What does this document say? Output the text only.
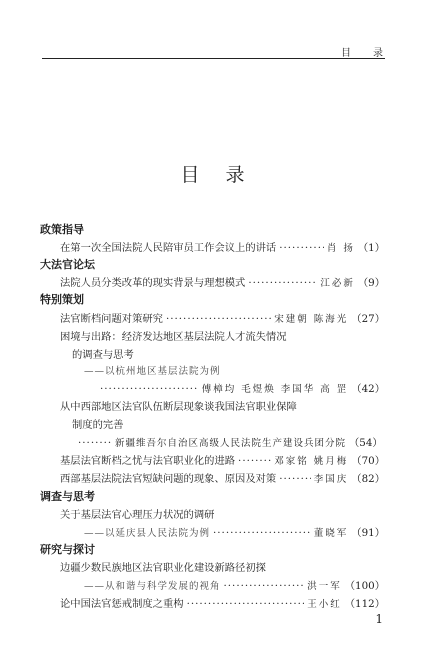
目录
目录
政策指导
在第一次全国法院人民陪审员工作会议上的讲话 ·····	肖 扬 （1）
大法官论坛
法院人员分类改革的现实背景与理想模式 ·····	江必新 （9）
特别策划
法官断档问题对策研究 ·····	宋建朝 陈海光 （27）
困境与出路：经济发达地区基层法院人才流失情况
的调查与思考
——以杭州地区基层法院为例
·····
傅樟均 毛煜焕 李国华 高 罡 （42）
从中西部地区法官队伍断层现象谈我国法官职业保障
制度的完善
·····
新疆维吾尔自治区高级人民法院生产建设兵团分院 （54）
基层法官断档之忧与法官职业化的进路 ·····	邓家铭 姚月梅 （70）
西部基层法院法官短缺问题的现象、原因及对策 ·····	李国庆 （82）
调查与思考
关于基层法官心理压力状况的调研
——以延庆县人民法院为例 ·····	董晓军 （91）
研究与探讨
边疆少数民族地区法官职业化建设新路径初探
——从和谐与科学发展的视角 ·····	洪一军 （100）
论中国法官惩戒制度之重构 ·····	王小红 （112）
1
